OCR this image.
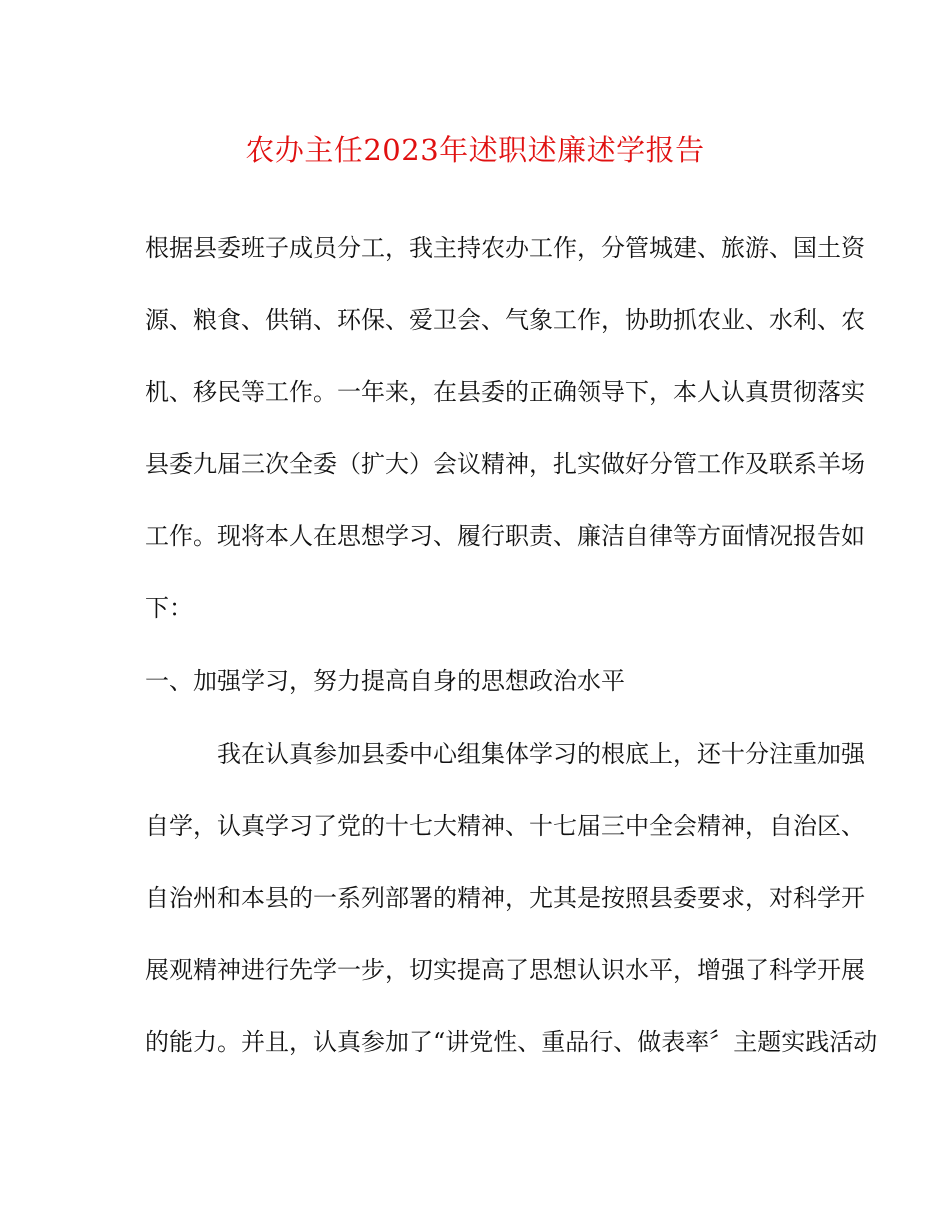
农办主任2023年述职述廉述学报告
根据县委班子成员分工，我主持农办工作，分管城建、旅游、国土资
源、粮食、供销、环保、爱卫会、气象工作，协助抓农业、水利、农
机、移民等工作。一年来，在县委的正确领导下，本人认真贯彻落实
县委九届三次全委（扩大）会议精神，扎实做好分管工作及联系羊场
工作。现将本人在思想学习、履行职责、廉洁自律等方面情况报告如
下：
一、加强学习，努力提高自身的思想政治水平
我在认真参加县委中心组集体学习的根底上，还十分注重加强
自学，认真学习了党的十七大精神、十七届三中全会精神，自治区、
自治州和本县的一系列部署的精神，尤其是按照县委要求，对科学开
展观精神进行先学一步，切实提高了思想认识水平，增强了科学开展
的能力。并且，认真参加了“讲党性、重品行、做表率〞主题实践活动
